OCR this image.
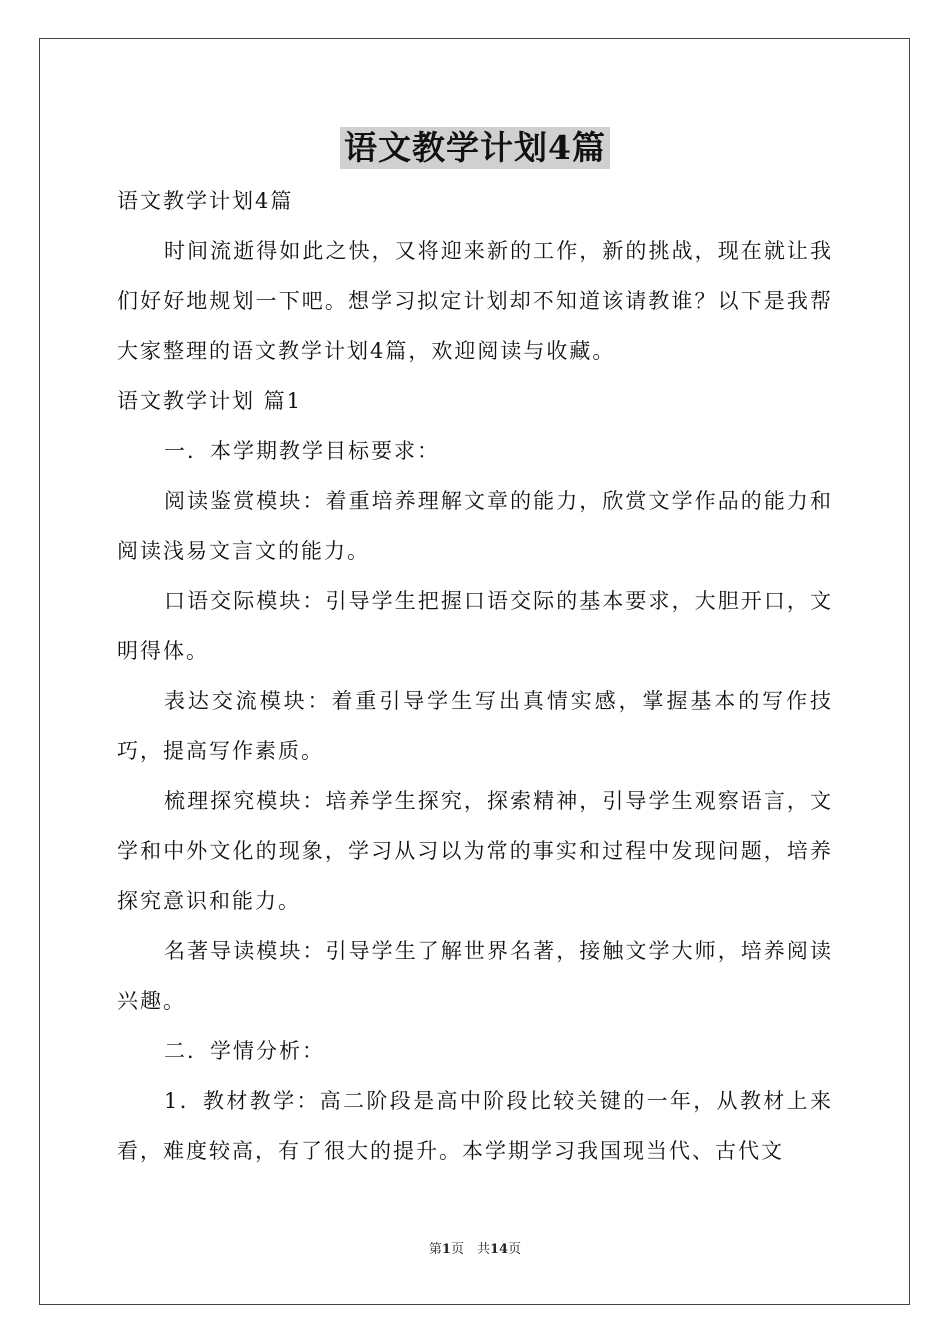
语文教学计划4篇

语文教学计划4篇

时间流逝得如此之快，又将迎来新的工作，新的挑战，现在就让我们好好地规划一下吧。想学习拟定计划却不知道该请教谁？以下是我帮大家整理的语文教学计划4篇，欢迎阅读与收藏。

语文教学计划 篇1

一．本学期教学目标要求：

阅读鉴赏模块：着重培养理解文章的能力，欣赏文学作品的能力和阅读浅易文言文的能力。

口语交际模块：引导学生把握口语交际的基本要求，大胆开口，文明得体。

表达交流模块：着重引导学生写出真情实感，掌握基本的写作技巧，提高写作素质。

梳理探究模块：培养学生探究，探索精神，引导学生观察语言，文学和中外文化的现象，学习从习以为常的事实和过程中发现问题，培养探究意识和能力。

名著导读模块：引导学生了解世界名著，接触文学大师，培养阅读兴趣。

二．学情分析：

1．教材教学：高二阶段是高中阶段比较关键的一年，从教材上来看，难度较高，有了很大的提升。本学期学习我国现当代、古代文

第1页　共14页
